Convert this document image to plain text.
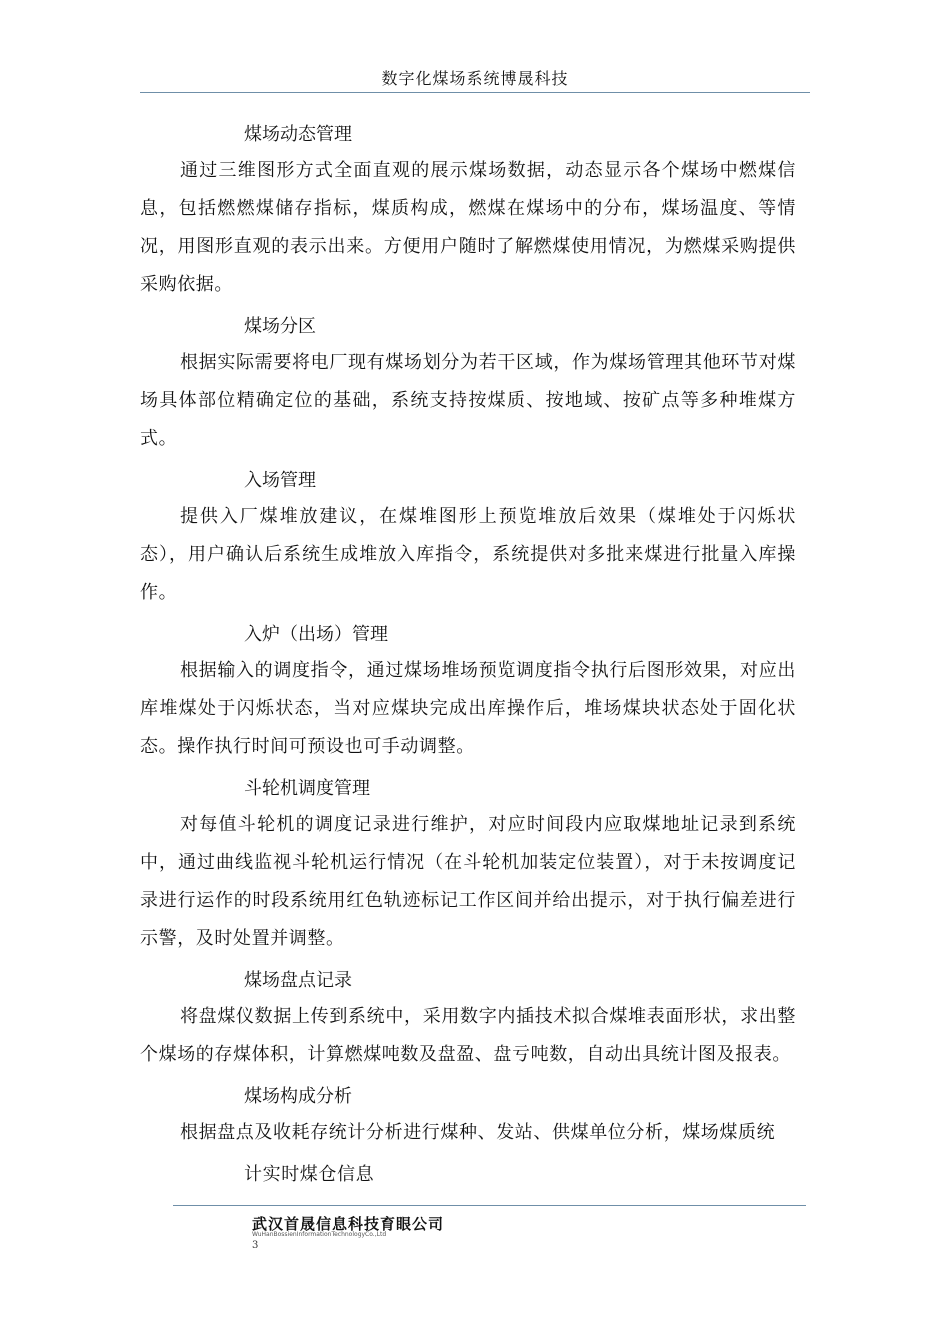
数字化煤场系统博晟科技
煤场动态管理

通过三维图形方式全面直观的展示煤场数据，动态显示各个煤场中燃煤信息，包括燃燃煤储存指标，煤质构成，燃煤在煤场中的分布，煤场温度、等情况，用图形直观的表示出来。方便用户随时了解燃煤使用情况，为燃煤采购提供采购依据。

煤场分区

根据实际需要将电厂现有煤场划分为若干区域，作为煤场管理其他环节对煤场具体部位精确定位的基础，系统支持按煤质、按地域、按矿点等多种堆煤方式。

入场管理

提供入厂煤堆放建议，在煤堆图形上预览堆放后效果（煤堆处于闪烁状态），用户确认后系统生成堆放入库指令，系统提供对多批来煤进行批量入库操作。

入炉（出场）管理

根据输入的调度指令，通过煤场堆场预览调度指令执行后图形效果，对应出库堆煤处于闪烁状态，当对应煤块完成出库操作后，堆场煤块状态处于固化状态。操作执行时间可预设也可手动调整。

斗轮机调度管理

对每值斗轮机的调度记录进行维护，对应时间段内应取煤地址记录到系统中，通过曲线监视斗轮机运行情况（在斗轮机加装定位装置），对于未按调度记录进行运作的时段系统用红色轨迹标记工作区间并给出提示，对于执行偏差进行示警，及时处置并调整。

煤场盘点记录

将盘煤仪数据上传到系统中，采用数字内插技术拟合煤堆表面形状，求出整个煤场的存煤体积，计算燃煤吨数及盘盈、盘亏吨数，自动出具统计图及报表。

煤场构成分析

根据盘点及收耗存统计分析进行煤种、发站、供煤单位分析，煤场煤质统

计实时煤仓信息
武汉首晟信息科技育眼公司
WuHanBossienInformationTechnologyCo.,Ltd
3
